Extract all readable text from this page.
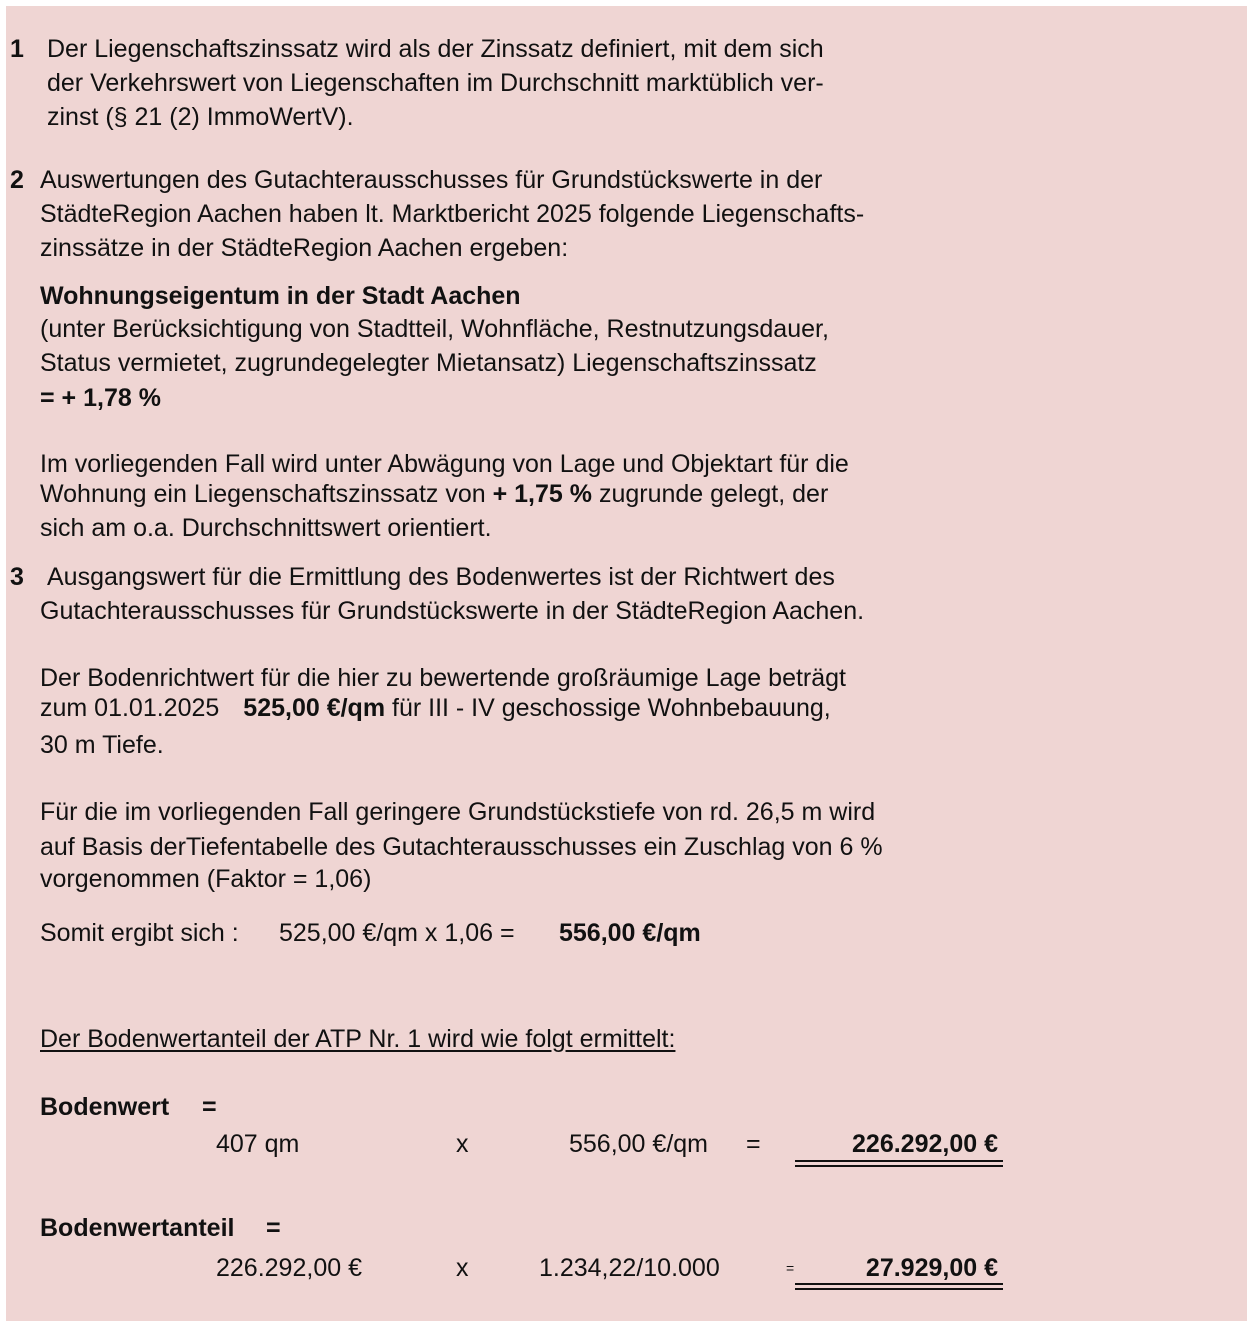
1 Der Liegenschaftszinssatz wird als der Zinssatz definiert, mit dem sich
der Verkehrswert von Liegenschaften im Durchschnitt marktüblich ver-
zinst (§ 21 (2) ImmoWertV).
2 Auswertungen des Gutachterausschusses für Grundstückswerte in der
StädteRegion Aachen haben lt. Marktbericht 2025 folgende Liegenschafts-
zinssätze in der StädteRegion Aachen ergeben:
Wohnungseigentum in der Stadt Aachen
(unter Berücksichtigung von Stadtteil, Wohnfläche, Restnutzungsdauer,
Status vermietet, zugrundegelegter Mietansatz) Liegenschaftszinssatz
= + 1,78 %
Im vorliegenden Fall wird unter Abwägung von Lage und Objektart für die
Wohnung ein Liegenschaftszinssatz von + 1,75 % zugrunde gelegt, der
sich am o.a. Durchschnittswert orientiert.
3 Ausgangswert für die Ermittlung des Bodenwertes ist der Richtwert des
Gutachterausschusses für Grundstückswerte in der StädteRegion Aachen.
Der Bodenrichtwert für die hier zu bewertende großräumige Lage beträgt
zum 01.01.2025 525,00 €/qm für III - IV geschossige Wohnbebauung,
30 m Tiefe.
Für die im vorliegenden Fall geringere Grundstückstiefe von rd. 26,5 m wird
auf Basis derTiefentabelle des Gutachterausschusses ein Zuschlag von 6 %
vorgenommen (Faktor = 1,06)
Somit ergibt sich : 525,00 €/qm x 1,06 = 556,00 €/qm
Der Bodenwertanteil der ATP Nr. 1 wird wie folgt ermittelt:
Bodenwert =
407 qm	x	556,00 €/qm =	226.292,00 €
Bodenwertanteil =
226.292,00 €	x	1.234,22/10.000	=	27.929,00 €
